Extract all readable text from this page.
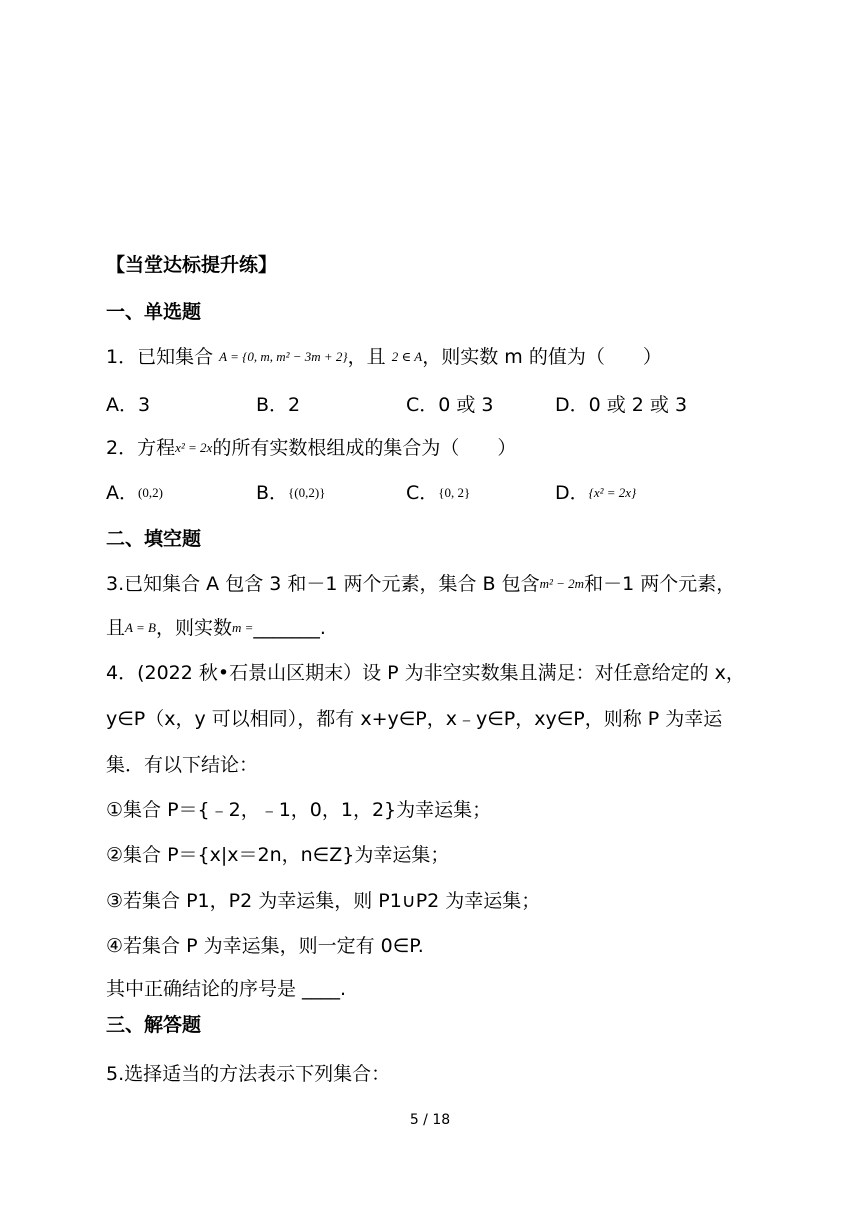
【当堂达标提升练】
一、单选题
1．已知集合 A = {0, m, m² − 3m + 2}，且 2 ∈ A，则实数 m 的值为（　　）
A．3	B．2	C．0 或 3	D．0 或 2 或 3
2．方程x² = 2x的所有实数根组成的集合为（　　）
A．(0,2)	B．{(0,2)}	C．{0, 2}	D．{x² = 2x}
二、填空题
3.已知集合 A 包含 3 和－1 两个元素，集合 B 包含m² − 2m和－1 两个元素，
且A = B，则实数m =_______.
4．(2022 秋•石景山区期末）设 P 为非空实数集且满足：对任意给定的 x，
y∈P（x，y 可以相同），都有 x+y∈P，x﹣y∈P，xy∈P，则称 P 为幸运
集．有以下结论：
①集合 P＝{﹣2，﹣1，0，1，2}为幸运集；
②集合 P＝{x|x＝2n，n∈Z}为幸运集；
③若集合 P1，P2 为幸运集，则 P1∪P2 为幸运集；
④若集合 P 为幸运集，则一定有 0∈P.
其中正确结论的序号是 ____.
三、解答题
5.选择适当的方法表示下列集合：
5 / 18
